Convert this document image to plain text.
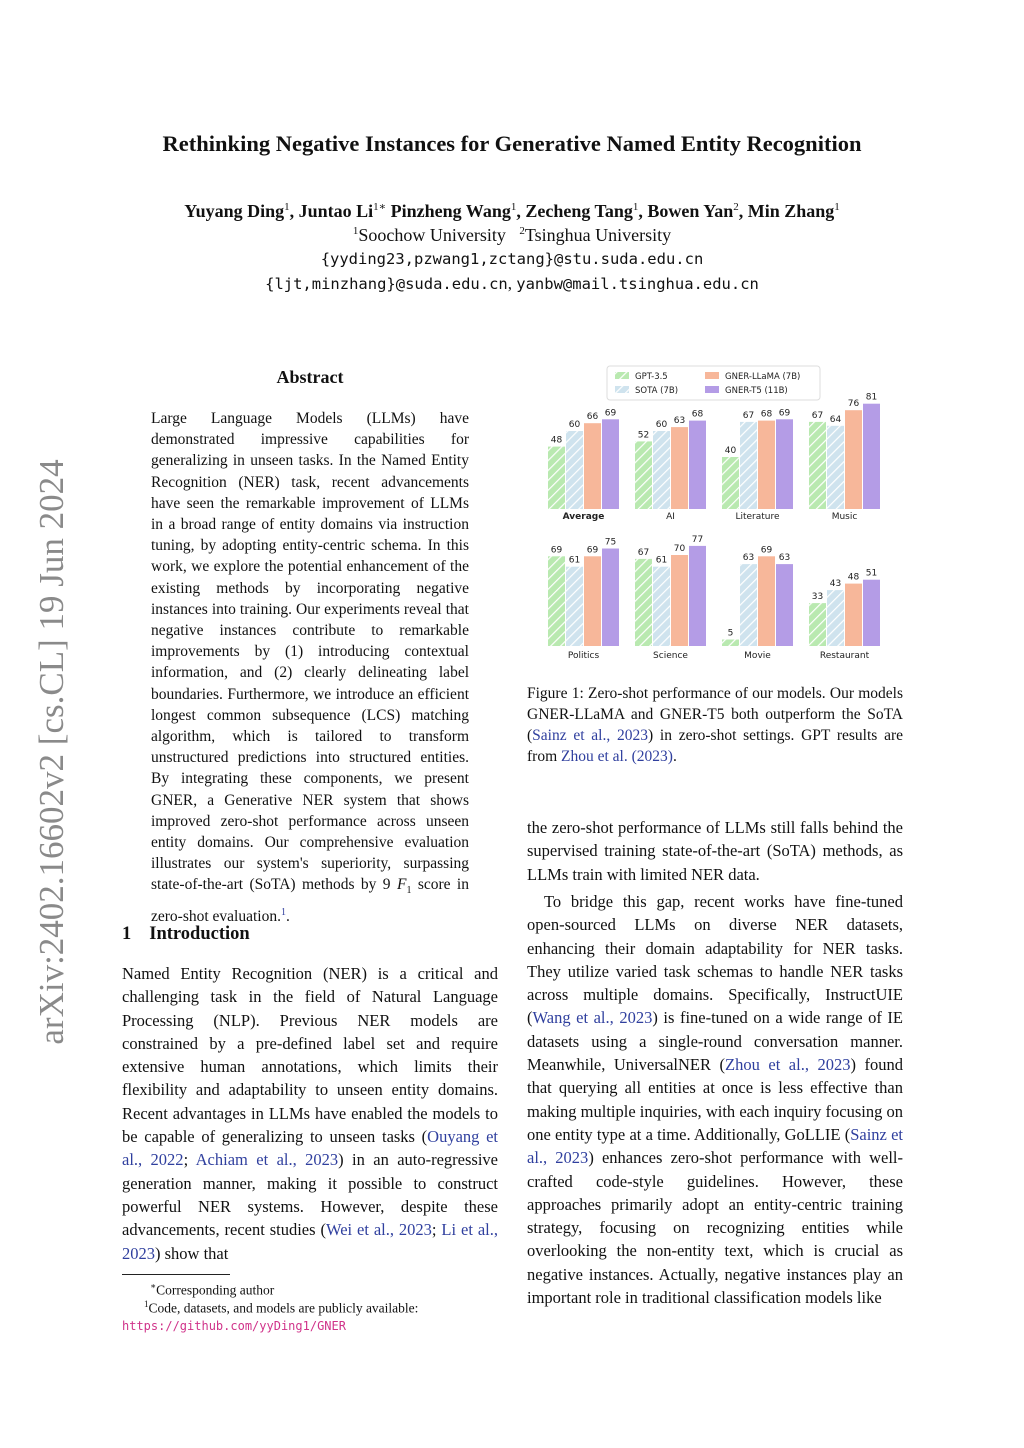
arXiv:2402.16602v2 [cs.CL] 19 Jun 2024
Rethinking Negative Instances for Generative Named Entity Recognition
Yuyang Ding$^1$, Juntao $Li^{1∗}$ Pinzheng Wang$^1$, Zecheng Tang$^1$, Bowen Yan$^2$, Min Zhang$^1$
$^1$Soochow University $^2$Tsinghua University
{yyding23,pzwang1,zctang}@stu.suda.edu.cn
{ljt,minzhang}@suda.edu.cn, yanbw@mail.tsinghua.edu.cn
Abstract
Large Language Models (LLMs) have demonstrated impressive capabilities for generalizing in unseen tasks. In the Named Entity Recognition (NER) task, recent advancements have seen the remarkable improvement of LLMs in a broad range of entity domains via instruction tuning, by adopting entity-centric schema. In this work, we explore the potential enhancement of the existing methods by incorporating negative instances into training. Our experiments reveal that negative instances contribute to remarkable improvements by (1) introducing contextual information, and (2) clearly delineating label boundaries. Furthermore, we introduce an efficient longest common subsequence (LCS) matching algorithm, which is tailored to transform unstructured predictions into structured entities. By integrating these components, we present GNER, a Generative NER system that shows improved zero-shot performance across unseen entity domains. Our comprehensive evaluation illustrates our system's superiority, surpassing state-of-the-art (SoTA) methods by 9 $F_1$ score in zero-shot evaluation.$^1$.
1 Introduction
Named Entity Recognition (NER) is a critical and challenging task in the field of Natural Language Processing (NLP). Previous NER models are constrained by a pre-defined label set and require extensive human annotations, which limits their flexibility and adaptability to unseen entity domains. Recent advantages in LLMs have enabled the models to be capable of generalizing to unseen tasks (Ouyang et al., 2022; Achiam et al., 2023) in an auto-regressive generation manner, making it possible to construct powerful NER systems. However, despite these advancements, recent studies (Wei et al., 2023; Li et al., 2023) show that
∗Corresponding author
$^1$Code, datasets, and models are publicly available: https://github.com/yyDing1/GNER
GPT-3.5
SOTA (7B)
GNER-LLaMA (7B)
GNER-T5 (11B)
48
60
66 69
Average
52
60 63
68
AI
40
67 68 69
Literature
67 64
76
81
Music
69
61
69
75
Politics
67
61
70
77
Science
5
63
69
63
Movie
33
43
48 51
Restaurant
Figure 1: Zero-shot performance of our models. Our models GNER-LLaMA and GNER-T5 both outperform the SoTA (Sainz et al., 2023) in zero-shot settings. GPT results are from Zhou et al. (2023).
the zero-shot performance of LLMs still falls behind the supervised training state-of-the-art (SoTA) methods, as LLMs train with limited NER data.
To bridge this gap, recent works have fine-tuned open-sourced LLMs on diverse NER datasets, enhancing their domain adaptability for NER tasks. They utilize varied task schemas to handle NER tasks across multiple domains. Specifically, InstructUIE (Wang et al., 2023) is fine-tuned on a wide range of IE datasets using a single-round conversation manner. Meanwhile, UniversalNER (Zhou et al., 2023) found that querying all entities at once is less effective than making multiple inquiries, with each inquiry focusing on one entity type at a time. Additionally, GoLLIE (Sainz et al., 2023) enhances zero-shot performance with well-crafted code-style guidelines. However, these approaches primarily adopt an entity-centric training strategy, focusing on recognizing entities while overlooking the non-entity text, which is crucial as negative instances. Actually, negative instances play an important role in traditional classification models like
